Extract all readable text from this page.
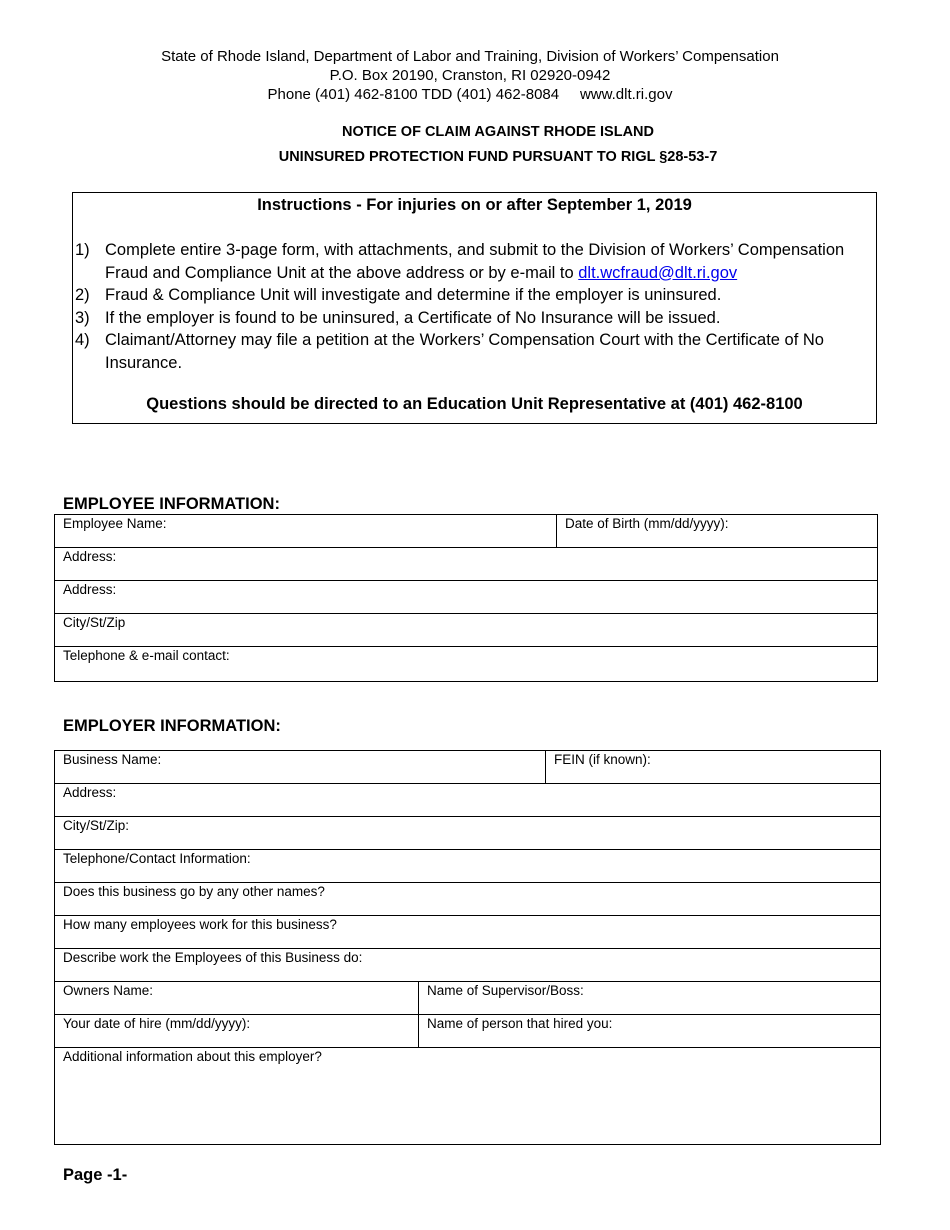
State of Rhode Island, Department of Labor and Training, Division of Workers’ Compensation
P.O. Box 20190, Cranston, RI 02920-0942
Phone (401) 462-8100 TDD (401) 462-8084     www.dlt.ri.gov
NOTICE OF CLAIM AGAINST RHODE ISLAND
UNINSURED PROTECTION FUND PURSUANT TO RIGL §28-53-7
Instructions - For injuries on or after September 1, 2019
1) Complete entire 3-page form, with attachments, and submit to the Division of Workers’ Compensation Fraud and Compliance Unit at the above address or by e-mail to dlt.wcfraud@dlt.ri.gov
2) Fraud & Compliance Unit will investigate and determine if the employer is uninsured.
3) If the employer is found to be uninsured, a Certificate of No Insurance will be issued.
4) Claimant/Attorney may file a petition at the Workers’ Compensation Court with the Certificate of No Insurance.
Questions should be directed to an Education Unit Representative at (401) 462-8100
EMPLOYEE INFORMATION:
Employee Name:	Date of Birth (mm/dd/yyyy):
Address:
Address:
City/St/Zip
Telephone & e-mail contact:
EMPLOYER INFORMATION:
Business Name:	FEIN (if known):
Address:
City/St/Zip:
Telephone/Contact Information:
Does this business go by any other names?
How many employees work for this business?
Describe work the Employees of this Business do:
Owners Name:	Name of Supervisor/Boss:
Your date of hire (mm/dd/yyyy):	Name of person that hired you:
Additional information about this employer?
Page -1-
